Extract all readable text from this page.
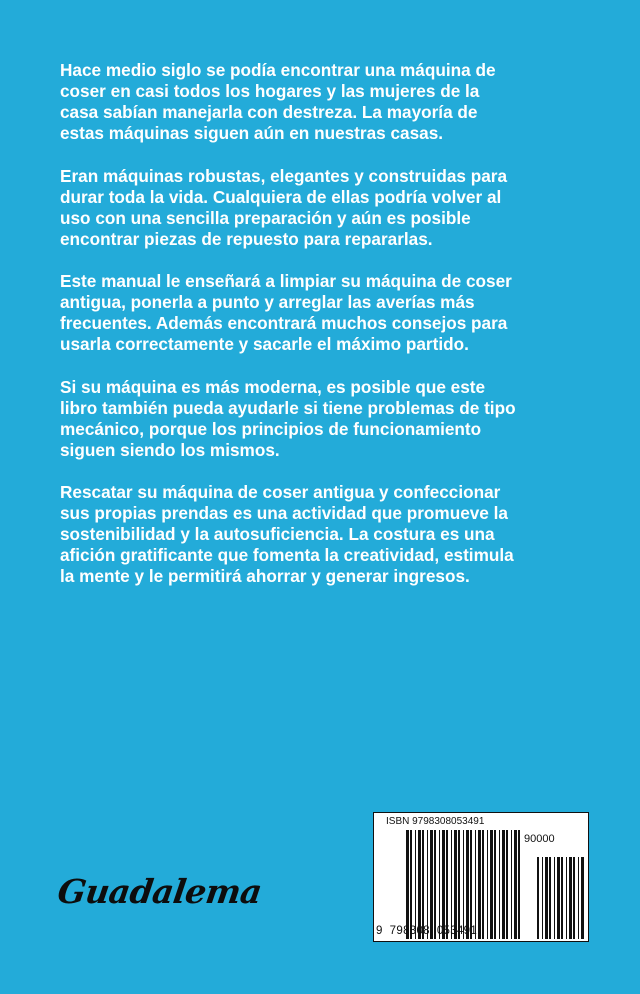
Hace medio siglo se podía encontrar una máquina de
coser en casi todos los hogares y las mujeres de la
casa sabían manejarla con destreza. La mayoría de
estas máquinas siguen aún en nuestras casas.
Eran máquinas robustas, elegantes y construidas para
durar toda la vida. Cualquiera de ellas podría volver al
uso con una sencilla preparación y aún es posible
encontrar piezas de repuesto para repararlas.
Este manual le enseñará a limpiar su máquina de coser
antigua, ponerla a punto y arreglar las averías más
frecuentes. Además encontrará muchos consejos para
usarla correctamente y sacarle el máximo partido.
Si su máquina es más moderna, es posible que este
libro también pueda ayudarle si tiene problemas de tipo
mecánico, porque los principios de funcionamiento
siguen siendo los mismos.
Rescatar su máquina de coser antigua y confeccionar
sus propias prendas es una actividad que promueve la
sostenibilidad y la autosuficiencia. La costura es una
afición gratificante que fomenta la creatividad, estimula
la mente y le permitirá ahorrar y generar ingresos.
Guadalema
ISBN 9798308053491
90000
9  798308  053491
